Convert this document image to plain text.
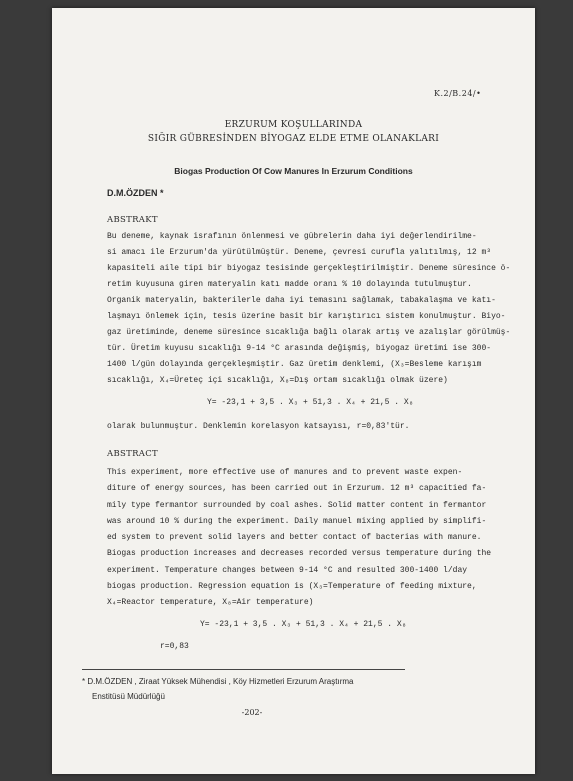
K.2/B.24/•
ERZURUM KOŞULLARINDA
SIĞIR GÜBRESİNDEN BİYOGAZ ELDE ETME OLANAKLARI
Biogas Production Of Cow Manures In Erzurum Conditions
D.M.ÖZDEN *
ABSTRAKT
Bu deneme, kaynak israfının önlenmesi ve gübrelerin daha iyi değerlendirilme-
si amacı ile Erzurum'da yürütülmüştür. Deneme, çevresi curufla yalıtılmış, 12 m³
kapasiteli aile tipi bir biyogaz tesisinde gerçekleştirilmiştir. Deneme süresince ö-
retim kuyusuna giren materyalin katı madde oranı % 10 dolayında tutulmuştur.
Organik materyalin, bakterilerle daha iyi temasını sağlamak, tabakalaşma ve katı-
laşmayı önlemek için, tesis üzerine basit bir karıştırıcı sistem konulmuştur. Biyo-
gaz üretiminde, deneme süresince sıcaklığa bağlı olarak artış ve azalışlar görülmüş-
tür. Üretim kuyusu sıcaklığı 9-14 °C arasında değişmiş, biyogaz üretimi ise 300-
1400 l/gün dolayında gerçekleşmiştir. Gaz üretim denklemi, (X₃=Besleme karışım
sıcaklığı, X₄=Üreteç içi sıcaklığı, X₈=Dış ortam sıcaklığı olmak üzere)
Y= -23,1 + 3,5 . X₃ + 51,3 . X₄ + 21,5 . X₈
olarak bulunmuştur. Denklemin korelasyon katsayısı, r=0,83'tür.
ABSTRACT
This experiment, more effective use of manures and to prevent waste expen-
diture of energy sources, has been carried out in Erzurum. 12 m³ capacitied fa-
mily type fermantor surrounded by coal ashes. Solid matter content in fermantor
was around 10 % during the experiment. Daily manuel mixing applied by simplifi-
ed system to prevent solid layers and better contact of bacterias with manure.
Biogas production increases and decreases recorded versus temperature during the
experiment. Temperature changes between 9-14 °C and resulted 300-1400 l/day
biogas production. Regression equation is (X₃=Temperature of feeding mixture,
X₄=Reactor temperature, X₈=Air temperature)
Y= -23,1 + 3,5 . X₃ + 51,3 . X₄ + 21,5 . X₈
r=0,83
* D.M.ÖZDEN , Ziraat Yüksek Mühendisi , Köy Hizmetleri Erzurum Araştırma
Enstitüsü Müdürlüğü
-202-
